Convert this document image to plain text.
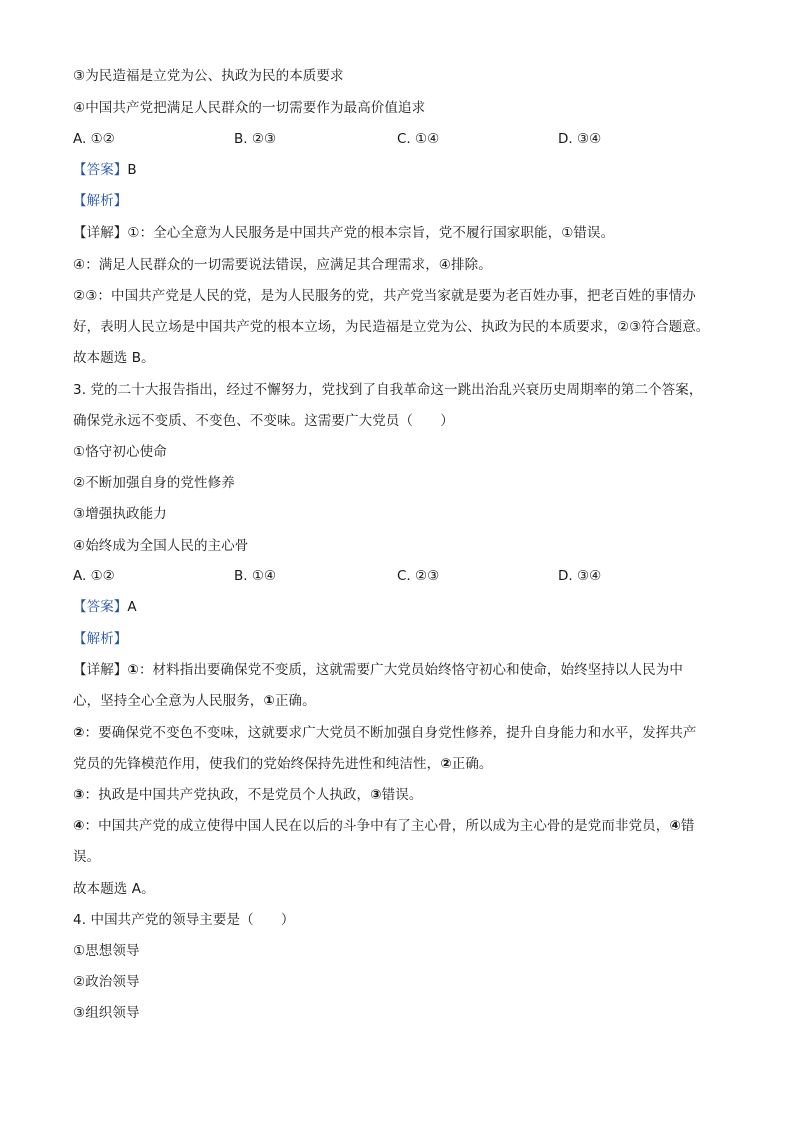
③为民造福是立党为公、执政为民的本质要求
④中国共产党把满足人民群众的一切需要作为最高价值追求
A. ①②	B. ②③	C. ①④	D. ③④
【答案】B
【解析】
【详解】①：全心全意为人民服务是中国共产党的根本宗旨，党不履行国家职能，①错误。
④：满足人民群众的一切需要说法错误，应满足其合理需求，④排除。
②③：中国共产党是人民的党，是为人民服务的党，共产党当家就是要为老百姓办事，把老百姓的事情办
好，表明人民立场是中国共产党的根本立场，为民造福是立党为公、执政为民的本质要求，②③符合题意。
故本题选 B。
3. 党的二十大报告指出，经过不懈努力，党找到了自我革命这一跳出治乱兴衰历史周期率的第二个答案，
确保党永远不变质、不变色、不变味。这需要广大党员（　　）
①恪守初心使命
②不断加强自身的党性修养
③增强执政能力
④始终成为全国人民的主心骨
A. ①②	B. ①④	C. ②③	D. ③④
【答案】A
【解析】
【详解】①：材料指出要确保党不变质，这就需要广大党员始终恪守初心和使命，始终坚持以人民为中
心，坚持全心全意为人民服务，①正确。
②：要确保党不变色不变味，这就要求广大党员不断加强自身党性修养，提升自身能力和水平，发挥共产
党员的先锋模范作用，使我们的党始终保持先进性和纯洁性，②正确。
③：执政是中国共产党执政，不是党员个人执政，③错误。
④：中国共产党的成立使得中国人民在以后的斗争中有了主心骨，所以成为主心骨的是党而非党员，④错
误。
故本题选 A。
4. 中国共产党的领导主要是（　　）
①思想领导
②政治领导
③组织领导
